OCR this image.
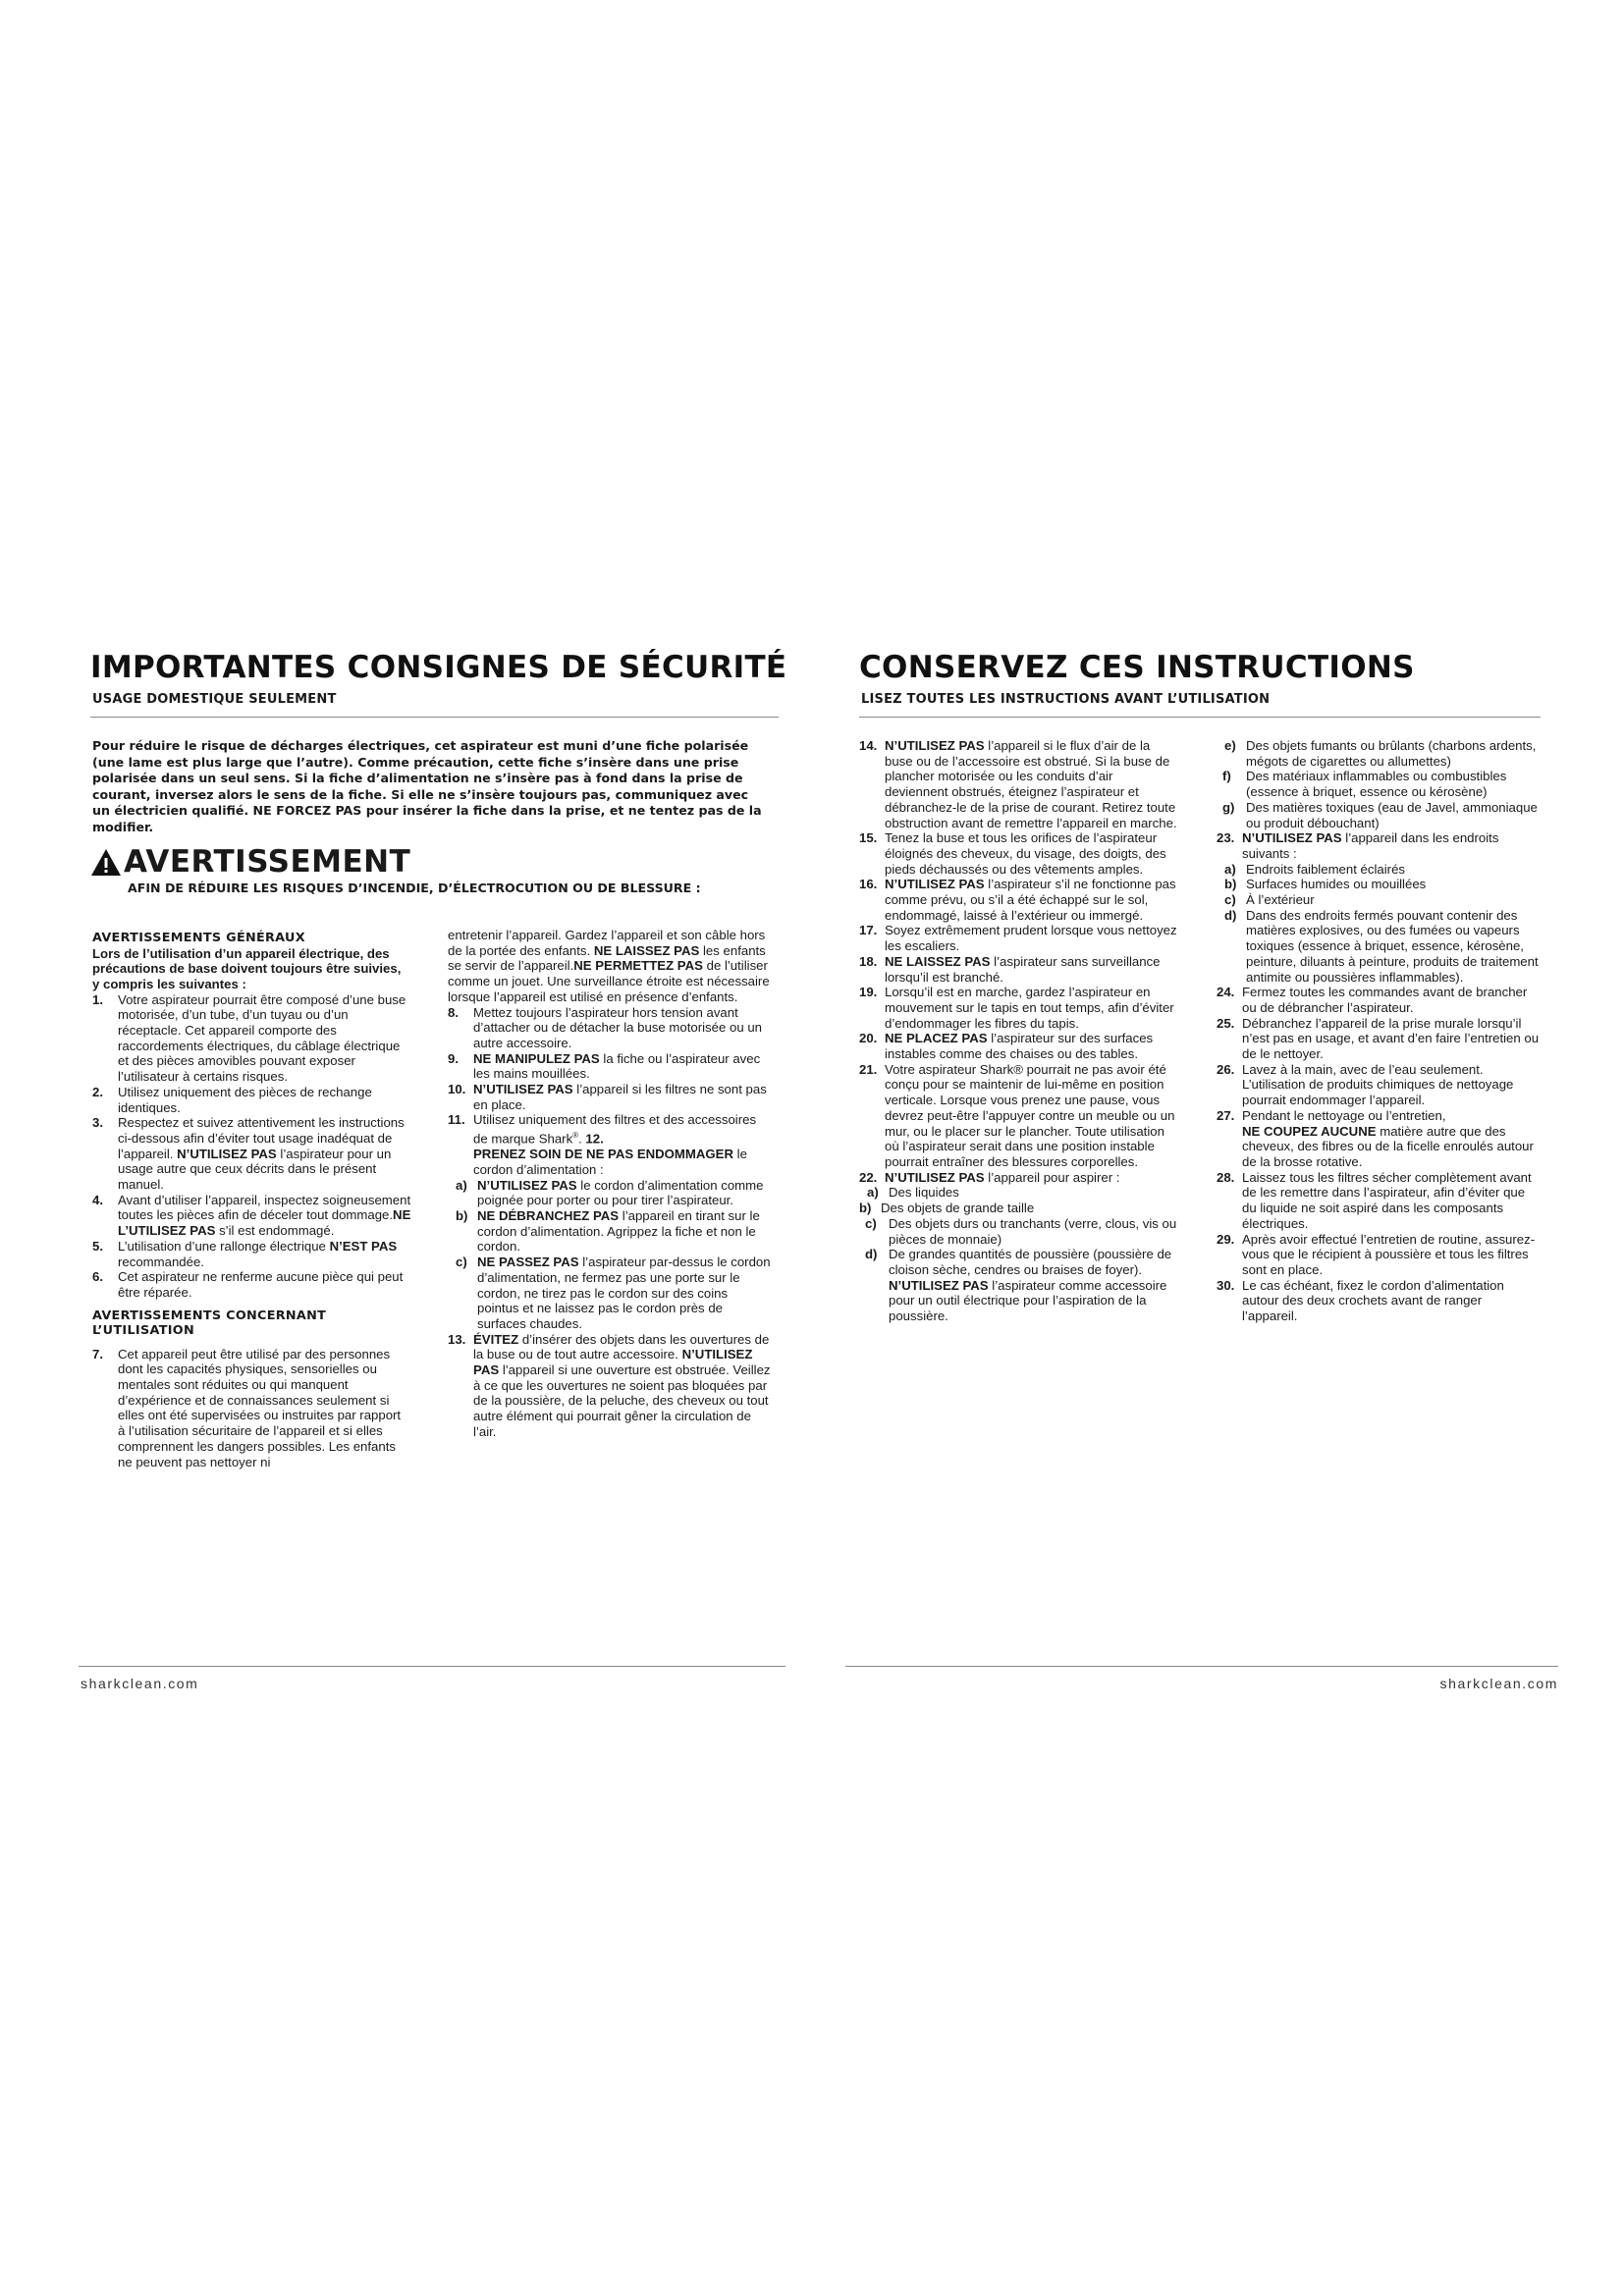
IMPORTANTES CONSIGNES DE SÉCURITÉ
USAGE DOMESTIQUE SEULEMENT

Pour réduire le risque de décharges électriques, cet aspirateur est muni d’une fiche polarisée (une lame est plus large que l’autre). Comme précaution, cette fiche s’insère dans une prise polarisée dans un seul sens. Si la fiche d’alimentation ne s’insère pas à fond dans la prise de courant, inversez alors le sens de la fiche. Si elle ne s’insère toujours pas, communiquez avec un électricien qualifié. NE FORCEZ PAS pour insérer la fiche dans la prise, et ne tentez pas de la modifier.

AVERTISSEMENT

AFIN DE RÉDUIRE LES RISQUES D’INCENDIE, D’ÉLECTROCUTION OU DE BLESSURE :

AVERTISSEMENTS GÉNÉRAUX

Lors de l’utilisation d’un appareil électrique, des précautions de base doivent toujours être suivies, y compris les suivantes :

1. Votre aspirateur pourrait être composé d’une buse motorisée, d’un tube, d’un tuyau ou d’un réceptacle. Cet appareil comporte des raccordements électriques, du câblage électrique et des pièces amovibles pouvant exposer l’utilisateur à certains risques.

2. Utilisez uniquement des pièces de rechange identiques.

3. Respectez et suivez attentivement les instructions ci-dessous afin d’éviter tout usage inadéquat de l’appareil. N’UTILISEZ PAS l’aspirateur pour un usage autre que ceux décrits dans le présent manuel.

4. Avant d’utiliser l’appareil, inspectez soigneusement toutes les pièces afin de déceler tout dommage.NE L’UTILISEZ PAS s’il est endommagé.

5. L’utilisation d’une rallonge électrique N’EST PAS recommandée.

6. Cet aspirateur ne renferme aucune pièce qui peut être réparée.

AVERTISSEMENTS CONCERNANT L’UTILISATION

7. Cet appareil peut être utilisé par des personnes dont les capacités physiques, sensorielles ou mentales sont réduites ou qui manquent d’expérience et de connaissances seulement si elles ont été supervisées ou instruites par rapport à l’utilisation sécuritaire de l’appareil et si elles comprennent les dangers possibles. Les enfants ne peuvent pas nettoyer ni

entretenir l’appareil. Gardez l’appareil et son câble hors de la portée des enfants. NE LAISSEZ PAS les enfants se servir de l’appareil.NE PERMETTEZ PAS de l’utiliser comme un jouet. Une surveillance étroite est nécessaire lorsque l’appareil est utilisé en présence d’enfants.

8. Mettez toujours l’aspirateur hors tension avant d’attacher ou de détacher la buse motorisée ou un autre accessoire.

9. NE MANIPULEZ PAS la fiche ou l’aspirateur avec les mains mouillées.

10. N’UTILISEZ PAS l’appareil si les filtres ne sont pas en place.

11. Utilisez uniquement des filtres et des accessoires de marque Shark®. 12.
PRENEZ SOIN DE NE PAS ENDOMMAGER le cordon d’alimentation :

a) N’UTILISEZ PAS le cordon d’alimentation comme poignée pour porter ou pour tirer l’aspirateur.

b) NE DÉBRANCHEZ PAS l’appareil en tirant sur le cordon d’alimentation. Agrippez la fiche et non le cordon.

c) NE PASSEZ PAS l’aspirateur par-dessus le cordon d’alimentation, ne fermez pas une porte sur le cordon, ne tirez pas le cordon sur des coins pointus et ne laissez pas le cordon près de surfaces chaudes.

13. ÉVITEZ d’insérer des objets dans les ouvertures de la buse ou de tout autre accessoire. N’UTILISEZ PAS l’appareil si une ouverture est obstruée. Veillez à ce que les ouvertures ne soient pas bloquées par de la poussière, de la peluche, des cheveux ou tout autre élément qui pourrait gêner la circulation de l’air.

sharkclean.com
CONSERVEZ CES INSTRUCTIONS
LISEZ TOUTES LES INSTRUCTIONS AVANT L’UTILISATION

14. N’UTILISEZ PAS l’appareil si le flux d’air de la buse ou de l’accessoire est obstrué. Si la buse de plancher motorisée ou les conduits d’air deviennent obstrués, éteignez l’aspirateur et débranchez-le de la prise de courant. Retirez toute obstruction avant de remettre l’appareil en marche.

15. Tenez la buse et tous les orifices de l’aspirateur éloignés des cheveux, du visage, des doigts, des pieds déchaussés ou des vêtements amples.

16. N’UTILISEZ PAS l’aspirateur s’il ne fonctionne pas comme prévu, ou s’il a été échappé sur le sol, endommagé, laissé à l’extérieur ou immergé.

17. Soyez extrêmement prudent lorsque vous nettoyez les escaliers.

18. NE LAISSEZ PAS l’aspirateur sans surveillance lorsqu’il est branché.

19. Lorsqu’il est en marche, gardez l’aspirateur en mouvement sur le tapis en tout temps, afin d’éviter d’endommager les fibres du tapis.

20. NE PLACEZ PAS l’aspirateur sur des surfaces instables comme des chaises ou des tables.

21. Votre aspirateur Shark® pourrait ne pas avoir été conçu pour se maintenir de lui-même en position verticale. Lorsque vous prenez une pause, vous devrez peut-être l’appuyer contre un meuble ou un mur, ou le placer sur le plancher. Toute utilisation où l’aspirateur serait dans une position instable pourrait entraîner des blessures corporelles.

22. N’UTILISEZ PAS l’appareil pour aspirer :

a) Des liquides

b) Des objets de grande taille

c) Des objets durs ou tranchants (verre, clous, vis ou pièces de monnaie)

d) De grandes quantités de poussière (poussière de cloison sèche, cendres ou braises de foyer). N’UTILISEZ PAS l’aspirateur comme accessoire pour un outil électrique pour l’aspiration de la poussière.

e) Des objets fumants ou brûlants (charbons ardents, mégots de cigarettes ou allumettes)

f) Des matériaux inflammables ou combustibles (essence à briquet, essence ou kérosène)

g) Des matières toxiques (eau de Javel, ammoniaque ou produit débouchant)

23. N’UTILISEZ PAS l’appareil dans les endroits suivants :

a) Endroits faiblement éclairés

b) Surfaces humides ou mouillées

c) À l’extérieur

d) Dans des endroits fermés pouvant contenir des matières explosives, ou des fumées ou vapeurs toxiques (essence à briquet, essence, kérosène, peinture, diluants à peinture, produits de traitement antimite ou poussières inflammables).

24. Fermez toutes les commandes avant de brancher ou de débrancher l’aspirateur.

25. Débranchez l’appareil de la prise murale lorsqu’il n’est pas en usage, et avant d’en faire l’entretien ou de le nettoyer.

26. Lavez à la main, avec de l’eau seulement. L’utilisation de produits chimiques de nettoyage pourrait endommager l’appareil.

27. Pendant le nettoyage ou l’entretien,
NE COUPEZ AUCUNE matière autre que des cheveux, des fibres ou de la ficelle enroulés autour de la brosse rotative.

28. Laissez tous les filtres sécher complètement avant de les remettre dans l’aspirateur, afin d’éviter que du liquide ne soit aspiré dans les composants électriques.

29. Après avoir effectué l’entretien de routine, assurez-vous que le récipient à poussière et tous les filtres sont en place.

30. Le cas échéant, fixez le cordon d’alimentation autour des deux crochets avant de ranger l’appareil.

sharkclean.com
